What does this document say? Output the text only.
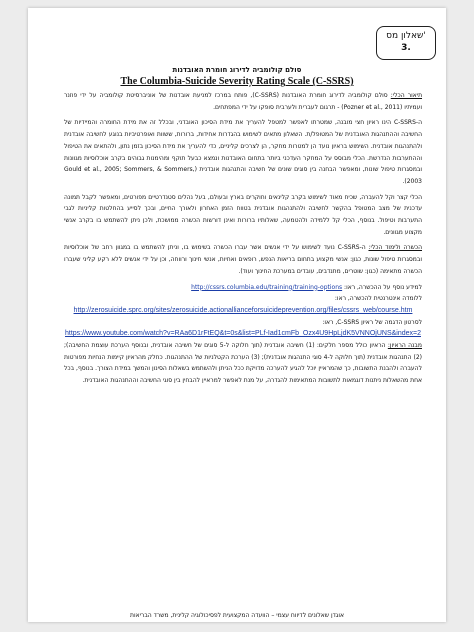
שאלון מס'
3.
סולם קולומביה לדירוג חומרת האובדנות
The Columbia-Suicide Severity Rating Scale (C-SSRS)

תיאור הכלי: סולם קולומביה לדירוג חומרת האובדנות (C-SSRS), פותח במרכז למניעת אובדנות של אוניברסיטת קולומביה על ידי פוזנר ועמיתיו (Pozner et al., 2011) - תרגום לעברית ולערבית סופקו על ידי המפתחים.

ה-C-SSRS הינו ראיון חצי מובנה, שמטרתו לאפשר למטפל להעריך את מידת הסיכון האובדני, ובכלל זה את מידת החומרה והמיידיות של החשיבה וההתנהגות האובדנית של המטופל/ת. השאלון מתאים לשימוש בהגדרות אחידות, ברורות, ששוות ואופרטיביות בנוגע לחשיבה אובדנית ולהתנהגות אובדנית. השימוש בראיון נועד הן למטרות מחקר, הן לצרכים קליניים, כדי להעריך את מידת הסיכון בזמן נתון, ולהתאים את הטיפול וההתערבות הנדרשת. הכלי מבוסס על המחקר העדכני ביותר בתחום האובדנות ונמצא כבעל תוקף ומהימנות גבוהים בקרב אוכלוסיות מגוונות ובמסגרות טיפול שונות, ומאפשר הבחנה בין סוגים שונים של חשיבה והתנהגות אובדנית (Gould et al., 2005; Sommers, & Sommers, 2003).

הכלי קצר וקל להעברה, שכיח מאוד לשימוש בקרב קלינאים וחוקרים בארץ ובעולם, בעל נהלים סטנדרטיים מפורטים, ומאפשר לקבל תמונה עדכנית של מצב המטופל בהקשר לחשיבה ולהתנהגות אובדנית בטווח הזמן האחרון ולאורך החיים, ובכך לסייע בהחלטות קליניות לגבי התערבות וטיפול. בנוסף, הכלי קל ללמידה ולהטמעה, שאלותיו ברורות ואינן דורשות הכשרה ממושכת, ולכן ניתן להשתמש בו בקרב אנשי מקצוע מגוונים.

הכשרה ולימוד הכלי: ה-C-SSRS נועד לשימוש על ידי אנשים אשר עברו הכשרה בשימוש בו, וניתן להשתמש בו במגוון רחב של אוכלוסיות ובמסגרות טיפול שונות, כגון: אנשי מקצוע בתחום בריאות הנפש, רופאים ואחיות, אנשי חינוך ורווחה, וכן על ידי אנשים ללא רקע קליני שעברו הכשרה מתאימה (כגון: שוטרים, מתנדבים, עובדים במערכת החינוך ועוד).

למידע נוסף על ההכשרה, ראו: http://cssrs.columbia.edu/training/training-options
ללומדה אינטרנטית להכשרה, ראו:
http://zerosuicide.sprc.org/sites/zerosuicide.actionallianceforsuicideprevention.org/files/cssrs_web/course.htm
לסרטון הדגמה של ראיון C-SSRS, ראו:
https://www.youtube.com/watch?v=RAa6D1rFtEQ&t=0s&list=PLf-Iad1cmFb_Ozx4U9HpLjdK5VNNOjUNS&index=2

מבנה הראיון: הראיון כולל מספר חלקים: (1) חשיבה אובדנית (תוך חלוקה ל-5 סוגים של חשיבה אובדנית, ובנוסף הערכת עוצמת החשיבה); (2) התנהגות אובדנית (תוך חלוקה ל-4 סוגי התנהגות אובדנית); (3) הערכת הקטלניות של ההתנהגות. כחלק מהראיון קיימות הנחיות מפורטות להעברה ולהבנת התשובות, כך שהמראיין יוכל להגיע להערכה מדויקת ככל הניתן ולהשתמש בשאלות הסינון והמשך במידת הצורך. בנוסף, בכל אחת מהשאלות ניתנות דוגמאות לתשובות המתאימות להגדרה, על מנת לאפשר למראיין להבחין בין סוגי החשיבה וההתנהגות האובדנית.

אוגדן שאלונים לדיווח עצמי – הוועדה המקצועית לפסיכולוגיה קלינית, משרד הבריאות
